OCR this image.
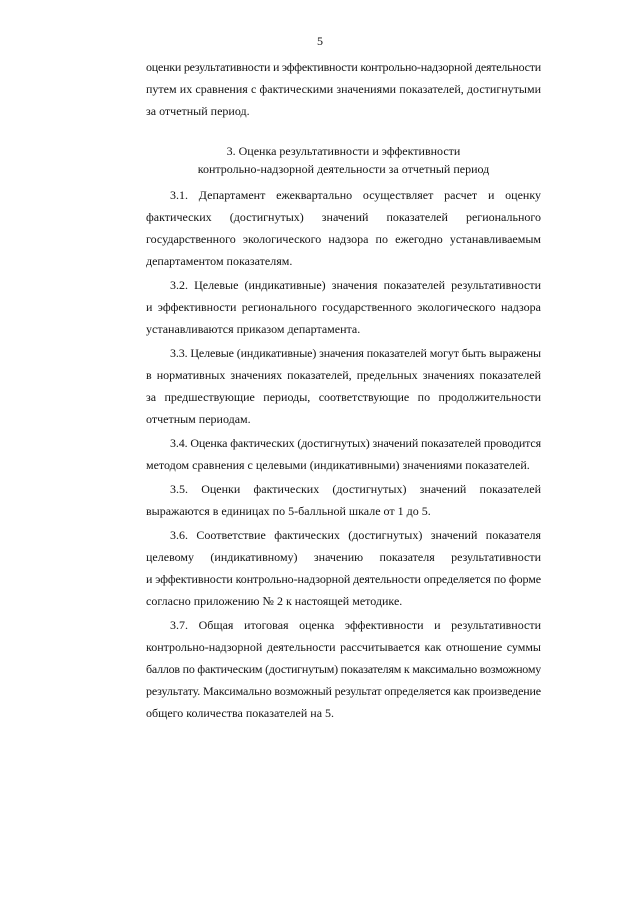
5

оценки результативности и эффективности контрольно-надзорной деятельности

путем их сравнения с фактическими значениями показателей, достигнутыми

за отчетный период.

3. Оценка результативности и эффективности
контрольно-надзорной деятельности за отчетный период

3.1. Департамент ежеквартально осуществляет расчет и оценку

фактических (достигнутых) значений показателей регионального

государственного экологического надзора по ежегодно устанавливаемым

департаментом показателям.

3.2. Целевые (индикативные) значения показателей результативности

и эффективности регионального государственного экологического надзора

устанавливаются приказом департамента.

3.3. Целевые (индикативные) значения показателей могут быть выражены

в нормативных значениях показателей, предельных значениях показателей

за предшествующие периоды, соответствующие по продолжительности

отчетным периодам.

3.4. Оценка фактических (достигнутых) значений показателей проводится

методом сравнения с целевыми (индикативными) значениями показателей.

3.5. Оценки фактических (достигнутых) значений показателей

выражаются в единицах по 5-балльной шкале от 1 до 5.

3.6. Соответствие фактических (достигнутых) значений показателя

целевому (индикативному) значению показателя результативности

и эффективности контрольно-надзорной деятельности определяется по форме

согласно приложению № 2 к настоящей методике.

3.7. Общая итоговая оценка эффективности и результативности

контрольно-надзорной деятельности рассчитывается как отношение суммы

баллов по фактическим (достигнутым) показателям к максимально возможному

результату. Максимально возможный результат определяется как произведение

общего количества показателей на 5.
